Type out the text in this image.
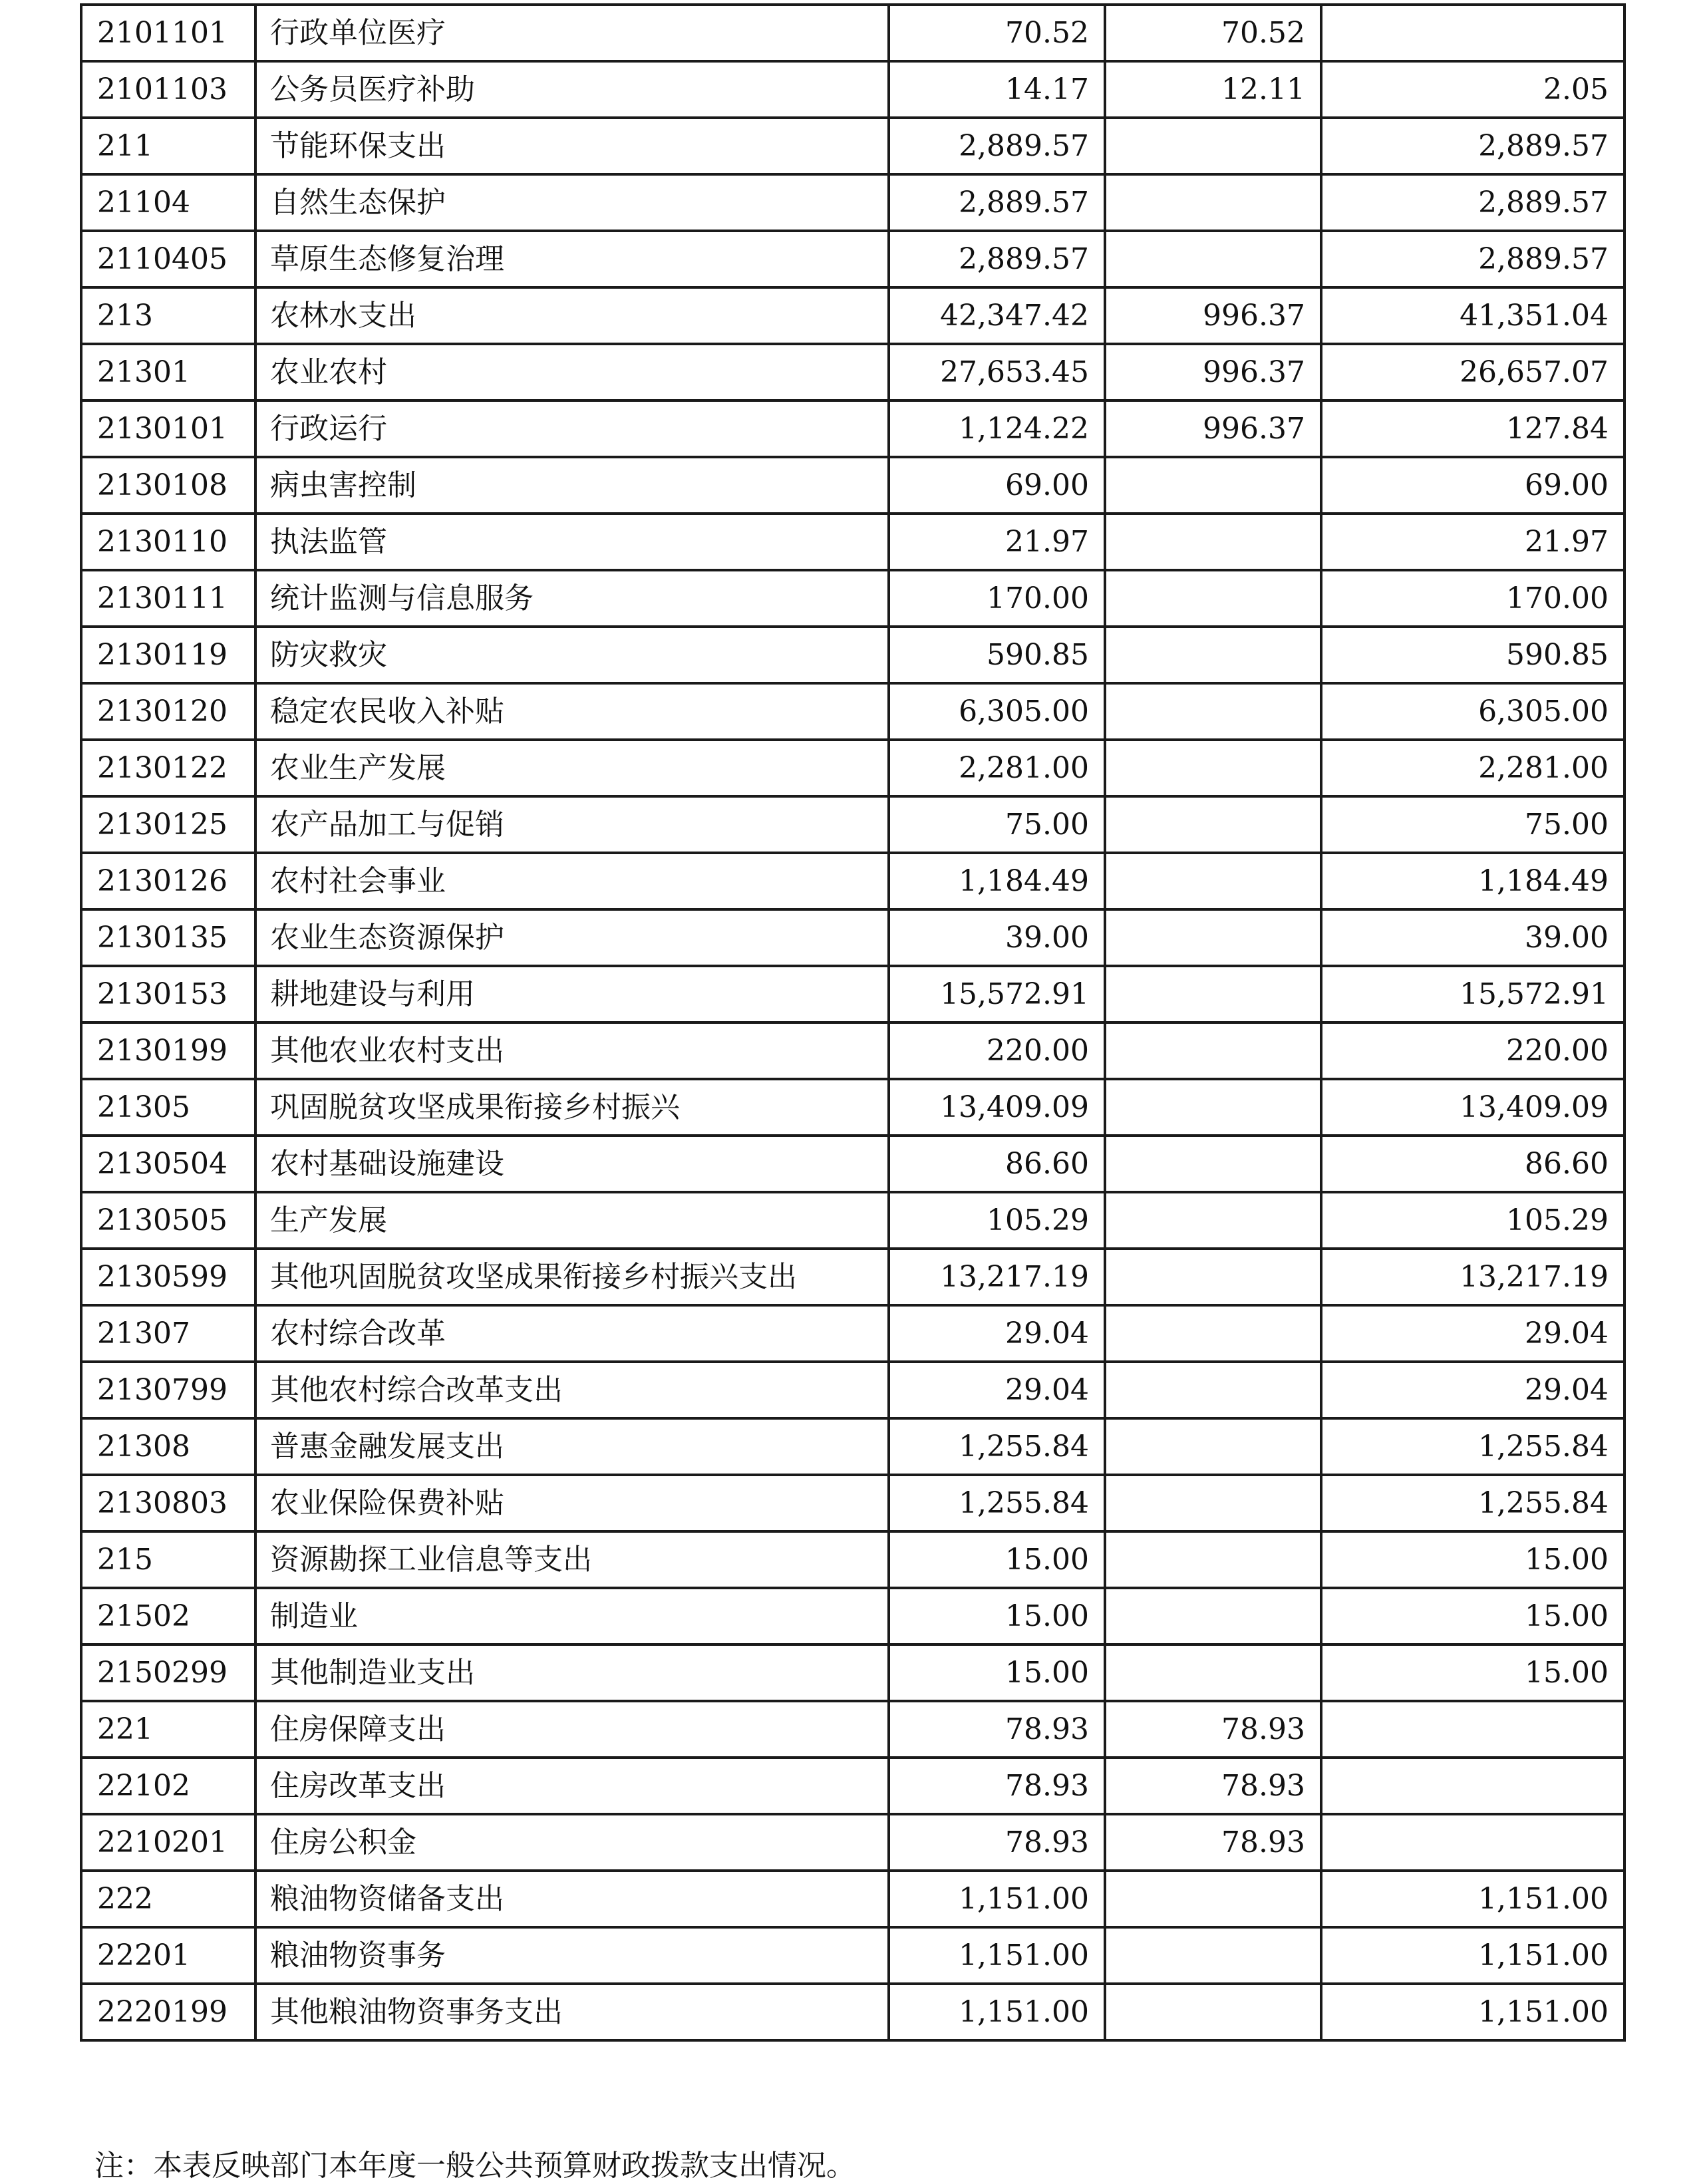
2101101	行政单位医疗	70.52	70.52	
2101103	公务员医疗补助	14.17	12.11	2.05
211	节能环保支出	2,889.57		2,889.57
21104	自然生态保护	2,889.57		2,889.57
2110405	草原生态修复治理	2,889.57		2,889.57
213	农林水支出	42,347.42	996.37	41,351.04
21301	农业农村	27,653.45	996.37	26,657.07
2130101	行政运行	1,124.22	996.37	127.84
2130108	病虫害控制	69.00		69.00
2130110	执法监管	21.97		21.97
2130111	统计监测与信息服务	170.00		170.00
2130119	防灾救灾	590.85		590.85
2130120	稳定农民收入补贴	6,305.00		6,305.00
2130122	农业生产发展	2,281.00		2,281.00
2130125	农产品加工与促销	75.00		75.00
2130126	农村社会事业	1,184.49		1,184.49
2130135	农业生态资源保护	39.00		39.00
2130153	耕地建设与利用	15,572.91		15,572.91
2130199	其他农业农村支出	220.00		220.00
21305	巩固脱贫攻坚成果衔接乡村振兴	13,409.09		13,409.09
2130504	农村基础设施建设	86.60		86.60
2130505	生产发展	105.29		105.29
2130599	其他巩固脱贫攻坚成果衔接乡村振兴支出	13,217.19		13,217.19
21307	农村综合改革	29.04		29.04
2130799	其他农村综合改革支出	29.04		29.04
21308	普惠金融发展支出	1,255.84		1,255.84
2130803	农业保险保费补贴	1,255.84		1,255.84
215	资源勘探工业信息等支出	15.00		15.00
21502	制造业	15.00		15.00
2150299	其他制造业支出	15.00		15.00
221	住房保障支出	78.93	78.93	
22102	住房改革支出	78.93	78.93	
2210201	住房公积金	78.93	78.93	
222	粮油物资储备支出	1,151.00		1,151.00
22201	粮油物资事务	1,151.00		1,151.00
2220199	其他粮油物资事务支出	1,151.00		1,151.00
注：本表反映部门本年度一般公共预算财政拨款支出情况。
